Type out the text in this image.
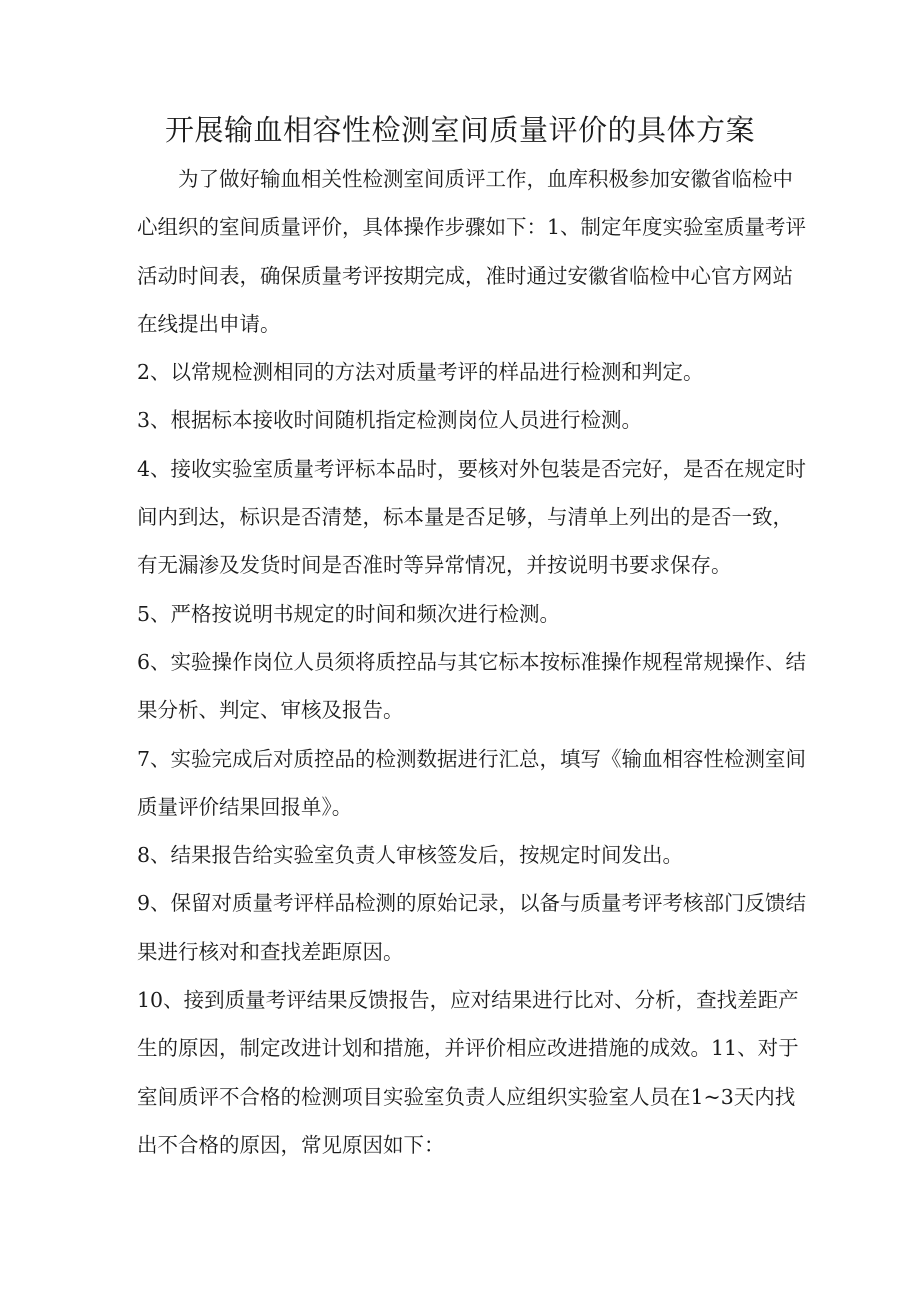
开展输血相容性检测室间质量评价的具体方案

为了做好输血相关性检测室间质评工作，血库积极参加安徽省临检中

心组织的室间质量评价，具体操作步骤如下：1、制定年度实验室质量考评

活动时间表，确保质量考评按期完成，准时通过安徽省临检中心官方网站

在线提出申请。

2、以常规检测相同的方法对质量考评的样品进行检测和判定。

3、根据标本接收时间随机指定检测岗位人员进行检测。

4、接收实验室质量考评标本品时，要核对外包装是否完好，是否在规定时

间内到达，标识是否清楚，标本量是否足够，与清单上列出的是否一致，

有无漏渗及发货时间是否准时等异常情况，并按说明书要求保存。

5、严格按说明书规定的时间和频次进行检测。

6、实验操作岗位人员须将质控品与其它标本按标准操作规程常规操作、结

果分析、判定、审核及报告。

7、实验完成后对质控品的检测数据进行汇总，填写《输血相容性检测室间

质量评价结果回报单》。

8、结果报告给实验室负责人审核签发后，按规定时间发出。

9、保留对质量考评样品检测的原始记录，以备与质量考评考核部门反馈结

果进行核对和查找差距原因。

10、接到质量考评结果反馈报告，应对结果进行比对、分析，查找差距产

生的原因，制定改进计划和措施，并评价相应改进措施的成效。11、对于

室间质评不合格的检测项目实验室负责人应组织实验室人员在1~3天内找

出不合格的原因，常见原因如下：
